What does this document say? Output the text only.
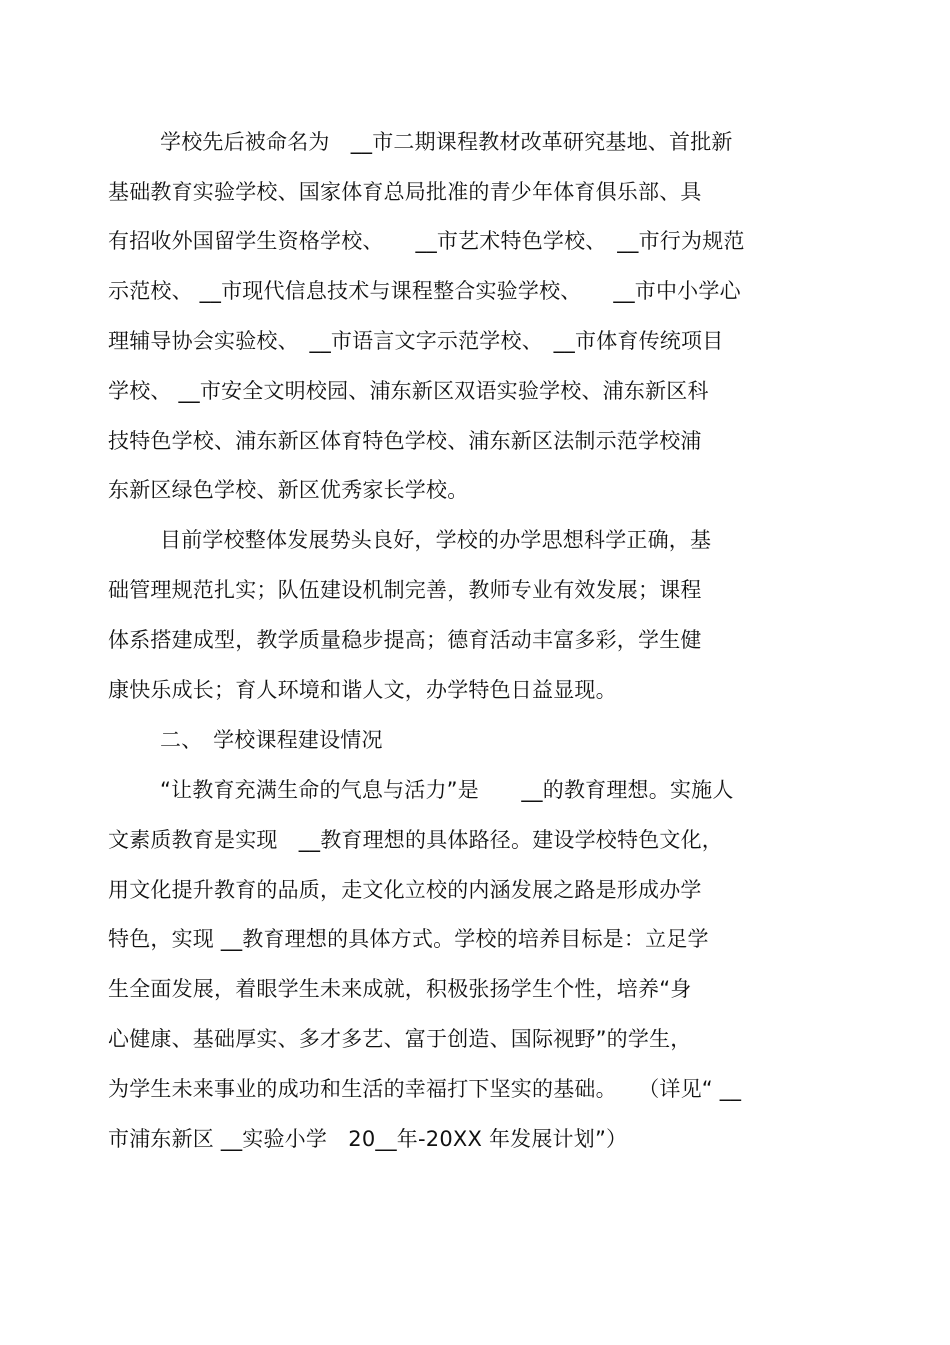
学校先后被命名为　__市二期课程教材改革研究基地、首批新
基础教育实验学校、国家体育总局批准的青少年体育俱乐部、具
有招收外国留学生资格学校、　　__市艺术特色学校、　__市行为规范
示范校、 __市现代信息技术与课程整合实验学校、　　__市中小学心
理辅导协会实验校、　__市语言文字示范学校、　__市体育传统项目
学校、 __市安全文明校园、浦东新区双语实验学校、浦东新区科
技特色学校、浦东新区体育特色学校、浦东新区法制示范学校浦
东新区绿色学校、新区优秀家长学校。
目前学校整体发展势头良好，学校的办学思想科学正确，基
础管理规范扎实；队伍建设机制完善，教师专业有效发展；课程
体系搭建成型，教学质量稳步提高；德育活动丰富多彩，学生健
康快乐成长；育人环境和谐人文，办学特色日益显现。
二、　学校课程建设情况
“让教育充满生命的气息与活力”是　　__的教育理想。实施人
文素质教育是实现　__教育理想的具体路径。建设学校特色文化，
用文化提升教育的品质，走文化立校的内涵发展之路是形成办学
特色，实现 __教育理想的具体方式。学校的培养目标是：立足学
生全面发展，着眼学生未来成就，积极张扬学生个性，培养“身
心健康、基础厚实、多才多艺、富于创造、国际视野”的学生，
为学生未来事业的成功和生活的幸福打下坚实的基础。　　（详见“ __
市浦东新区 __实验小学　20__年-20XX 年发展计划”）
